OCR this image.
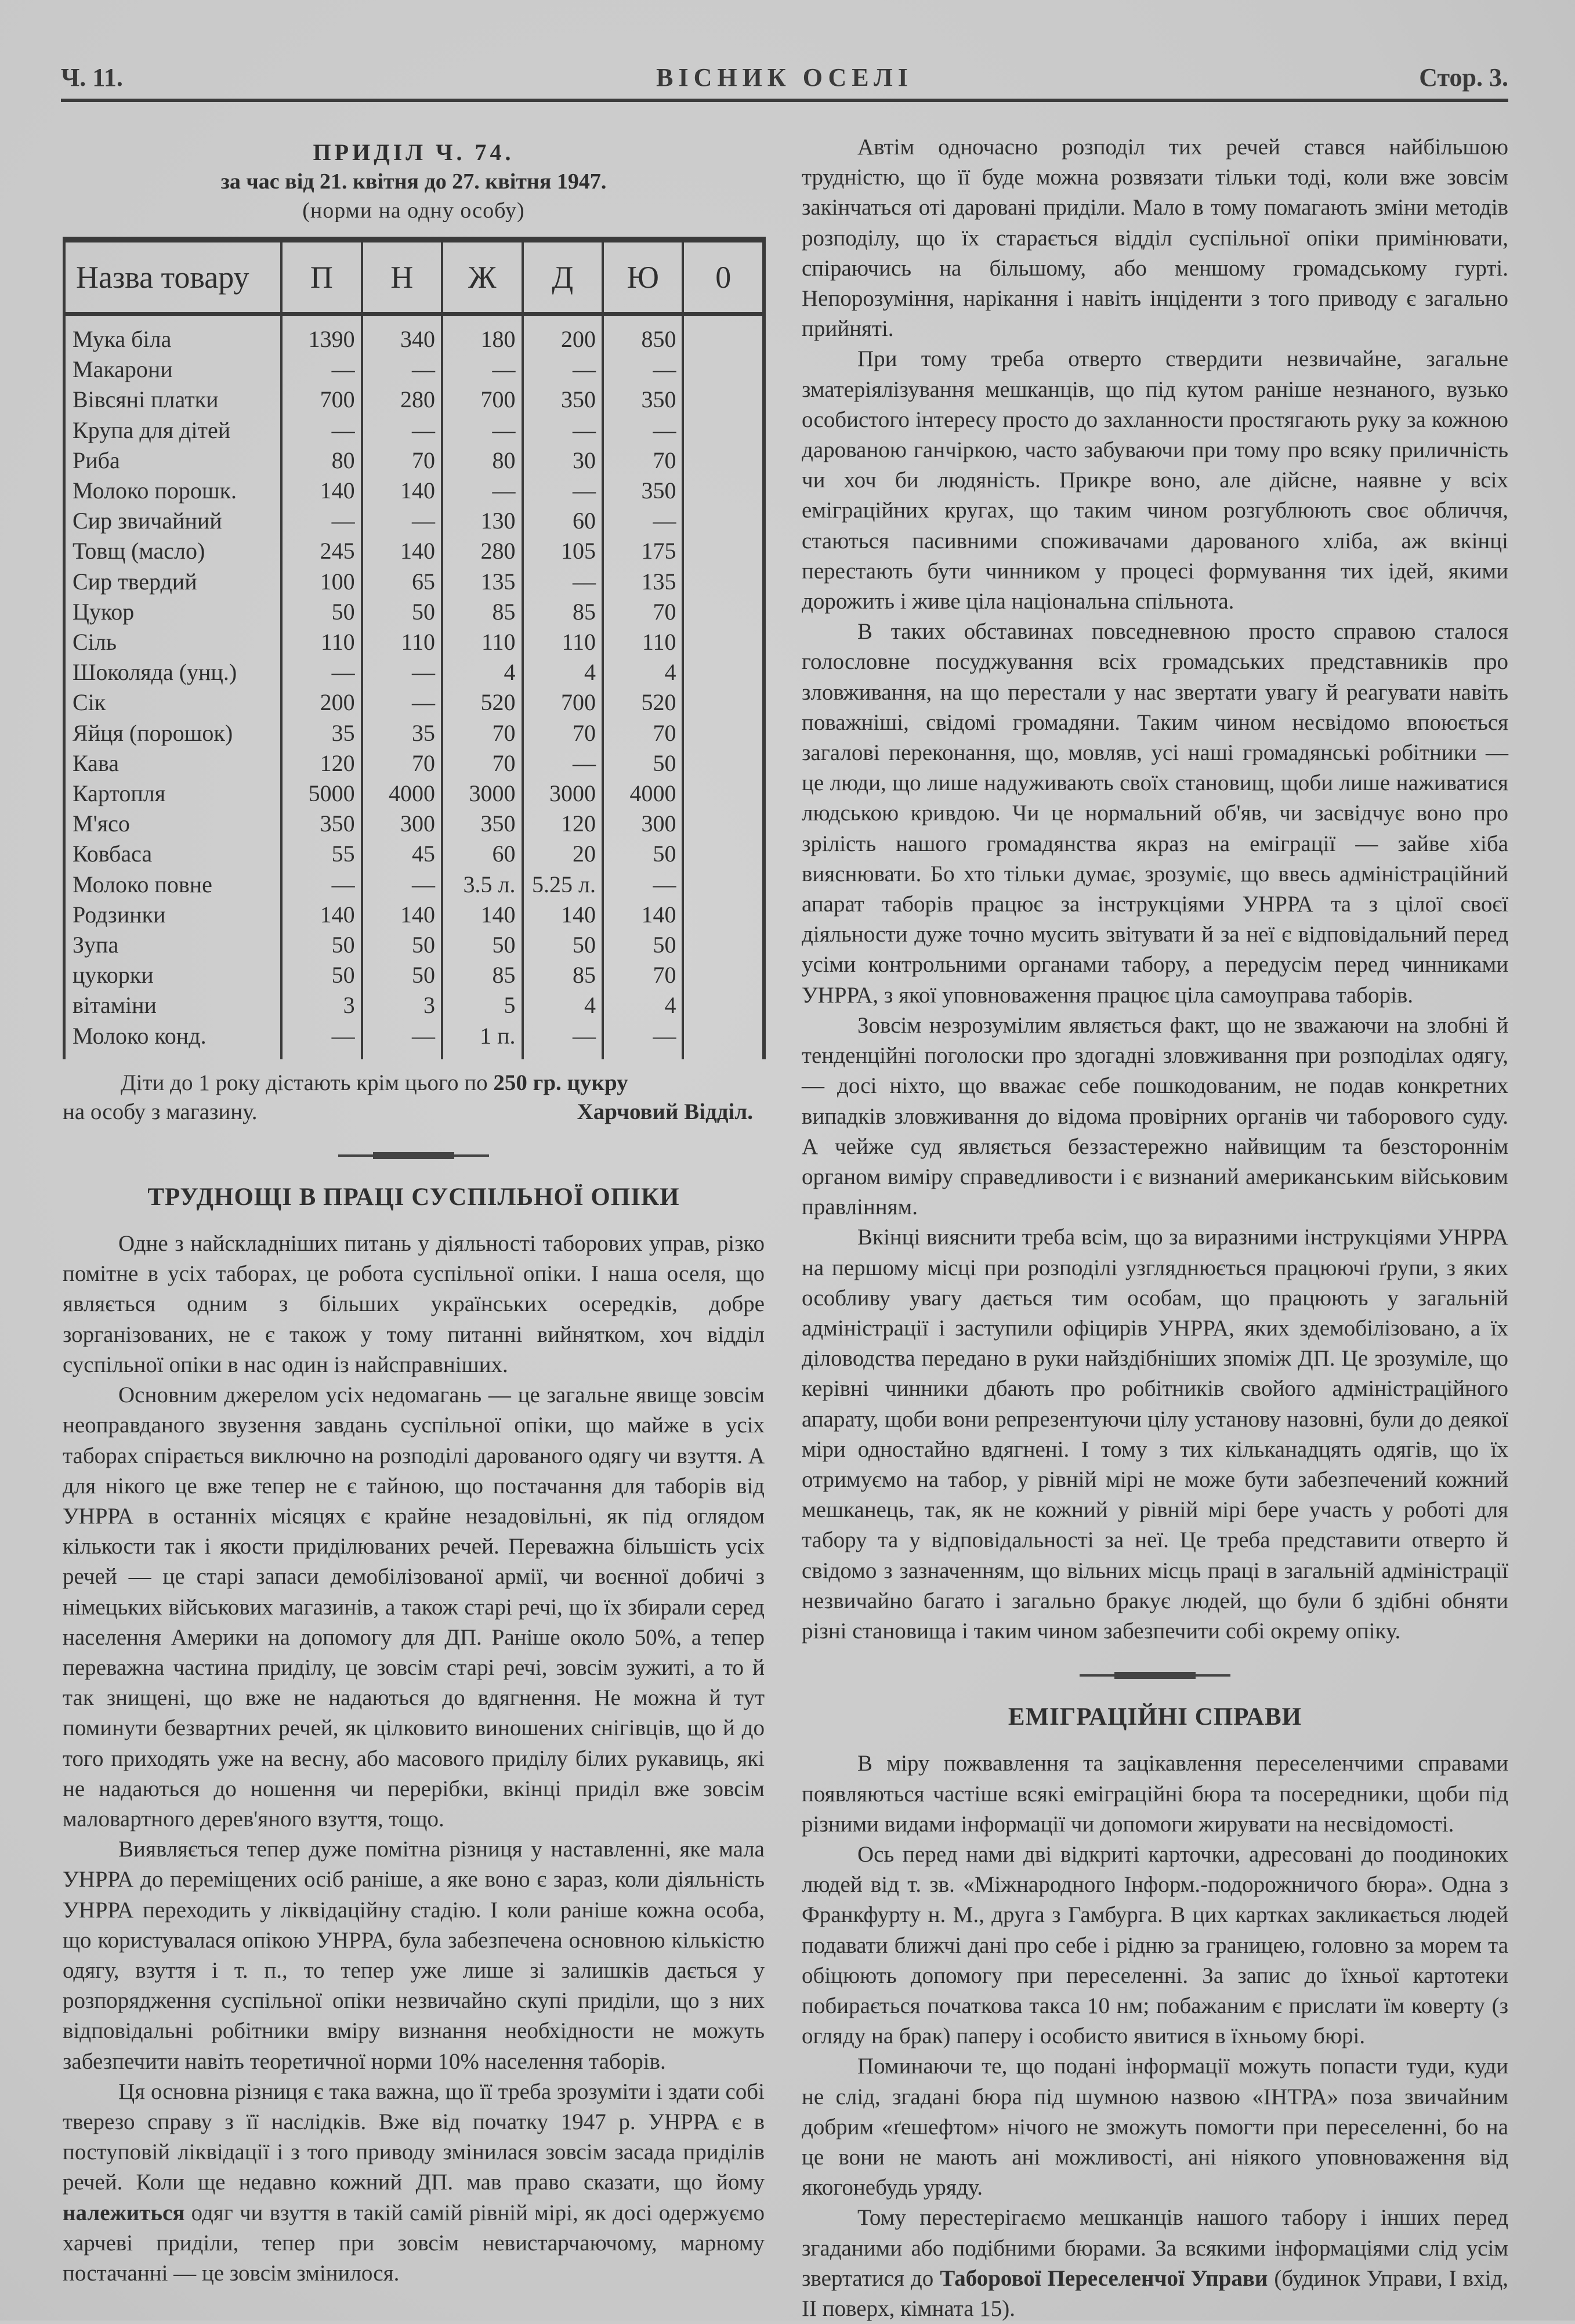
Ч. 11.	ВІСНИК ОСЕЛІ	Стор. 3.
ПРИДІЛ Ч. 74.
за час від 21. квітня до 27. квітня 1947.
(норми на одну особу)
Назва товару	П	Н	Ж	Д	Ю	0
Мука біла	1390	340	180	200	850	
Макарони	—	—	—	—	—	
Вівсяні платки	700	280	700	350	350	
Крупа для дітей	—	—	—	—	—	
Риба	80	70	80	30	70	
Молоко порошк.	140	140	—	—	350	
Сир звичайний	—	—	130	60	—	
Товщ (масло)	245	140	280	105	175	
Сир твердий	100	65	135	—	135	
Цукор	50	50	85	85	70	
Сіль	110	110	110	110	110	
Шоколяда (унц.)	—	—	4	4	4	
Сік	200	—	520	700	520	
Яйця (порошок)	35	35	70	70	70	
Кава	120	70	70	—	50	
Картопля	5000	4000	3000	3000	4000	
М'ясо	350	300	350	120	300	
Ковбаса	55	45	60	20	50	
Молоко повне	—	—	3.5 л.	5.25 л.	—	
Родзинки	140	140	140	140	140	
Зупа	50	50	50	50	50	
цукорки	50	50	85	85	70	
вітаміни	3	3	5	4	4	
Молоко конд.	—	—	1 п.	—	—	
Діти до 1 року дістають крім цього по 250 гр. цукру
на особу з магазину.	Харчовий Відділ.
ТРУДНОЩІ В ПРАЦІ СУСПІЛЬНОЇ ОПІКИ

Одне з найскладніших питань у діяльності таборових управ, різко помітне в усіх таборах, це робота суспільної опіки. І наша оселя, що являється одним з більших українських осередків, добре зорганізованих, не є також у тому питанні вийнятком, хоч відділ суспільної опіки в нас один із найсправніших.

Основним джерелом усіх недомагань — це загальне явище зовсім неоправданого звузення завдань суспільної опіки, що майже в усіх таборах спірається виключно на розподілі дарованого одягу чи взуття. А для нікого це вже тепер не є тайною, що постачання для таборів від УНРРА в останніх місяцях є крайне незадовільні, як під оглядом кількости так і якости приділюваних речей. Переважна більшість усіх речей — це старі запаси демобілізованої армії, чи воєнної добичі з німецьких військових магазинів, а також старі речі, що їх збирали серед населення Америки на допомогу для ДП. Раніше около 50%, а тепер переважна частина приділу, це зовсім старі речі, зовсім зужиті, а то й так знищені, що вже не надаються до вдягнення. Не можна й тут поминути безвартних речей, як цілковито виношених снігівців, що й до того приходять уже на весну, або масового приділу білих рукавиць, які не надаються до ношення чи перерібки, вкінці приділ вже зовсім маловартного дерев'яного взуття, тощо.

Виявляється тепер дуже помітна різниця у наставленні, яке мала УНРРА до переміщених осіб раніше, а яке воно є зараз, коли діяльність УНРРА переходить у ліквідаційну стадію. І коли раніше кожна особа, що користувалася опікою УНРРА, була забезпечена основною кількістю одягу, взуття і т. п., то тепер уже лише зі залишків дається у розпорядження суспільної опіки незвичайно скупі приділи, що з них відповідальні робітники вміру визнання необхідности не можуть забезпечити навіть теоретичної норми 10% населення таборів.

Ця основна різниця є така важна, що її треба зрозуміти і здати собі тверезо справу з її наслідків. Вже від початку 1947 р. УНРРА є в поступовій ліквідації і з того приводу змінилася зовсім засада приділів речей. Коли ще недавно кожний ДП. мав право сказати, що йому належиться одяг чи взуття в такій самій рівній мірі, як досі одержуємо харчеві приділи, тепер при зовсім невистарчаючому, марному постачанні — це зовсім змінилося.

Автім одночасно розподіл тих речей стався найбільшою трудністю, що її буде можна розвязати тільки тоді, коли вже зовсім закінчаться оті даровані приділи. Мало в тому помагають зміни методів розподілу, що їх старається відділ суспільної опіки примінювати, спіраючись на більшому, або меншому громадському гурті. Непорозуміння, нарікання і навіть інціденти з того приводу є загально прийняті.

При тому треба отверто ствердити незвичайне, загальне зматеріялізування мешканців, що під кутом раніше незнаного, вузько особистого інтересу просто до захланности простягають руку за кожною дарованою ганчіркою, часто забуваючи при тому про всяку приличність чи хоч би людяність. Прикре воно, але дійсне, наявне у всіх еміграційних кругах, що таким чином розгублюють своє обличчя, стаються пасивними споживачами дарованого хліба, аж вкінці перестають бути чинником у процесі формування тих ідей, якими дорожить і живе ціла національна спільнота.

В таких обставинах повседневною просто справою сталося голословне посуджування всіх громадських представників про зловживання, на що перестали у нас звертати увагу й реагувати навіть поважніші, свідомі громадяни. Таким чином несвідомо впоюється загалові переконання, що, мовляв, усі наші громадянські робітники — це люди, що лише надуживають своїх становищ, щоби лише наживатися людською кривдою. Чи це нормальний об'яв, чи засвідчує воно про зрілість нашого громадянства якраз на еміграції — зайве хіба вияснювати. Бо хто тільки думає, зрозуміє, що ввесь адміністраційний апарат таборів працює за інструкціями УНРРА та з цілої своєї діяльности дуже точно мусить звітувати й за неї є відповідальний перед усіми контрольними органами табору, а передусім перед чинниками УНРРА, з якої уповноваження працює ціла самоуправа таборів.

Зовсім незрозумілим являється факт, що не зважаючи на злобні й тенденційні поголоски про здогадні зловживання при розподілах одягу, — досі ніхто, що вважає себе пошкодованим, не подав конкретних випадків зловживання до відома провірних органів чи таборового суду. А чейже суд являється беззастережно найвищим та безстороннім органом виміру справедливости і є визнаний американським військовим правлінням.

Вкінці вияснити треба всім, що за виразними інструкціями УНРРА на першому місці при розподілі узгляднюється працюючі ґрупи, з яких особливу увагу дається тим особам, що працюють у загальній адміністрації і заступили офіцирів УНРРА, яких здемобілізовано, а їх діловодства передано в руки найздібніших зпоміж ДП. Це зрозуміле, що керівні чинники дбають про робітників свойого адміністраційного апарату, щоби вони репрезентуючи цілу установу назовні, були до деякої міри одностайно вдягнені. І тому з тих кільканадцять одягів, що їх отримуємо на табор, у рівній мірі не може бути забезпечений кожний мешканець, так, як не кожний у рівній мірі бере участь у роботі для табору та у відповідальності за неї. Це треба представити отверто й свідомо з зазначенням, що вільних місць праці в загальній адміністрації незвичайно багато і загально бракує людей, що були б здібні обняти різні становища і таким чином забезпечити собі окрему опіку.

ЕМІГРАЦІЙНІ СПРАВИ

В міру пожвавлення та зацікавлення переселенчими справами появляються частіше всякі еміграційні бюра та посередники, щоби під різними видами інформації чи допомоги жирувати на несвідомості.

Ось перед нами дві відкриті карточки, адресовані до поодиноких людей від т. зв. «Міжнародного Інформ.-подорожничого бюра». Одна з Франкфурту н. М., друга з Гамбурга. В цих картках закликається людей подавати ближчі дані про себе і рідню за границею, головно за морем та обіцюють допомогу при переселенні. За запис до їхньої картотеки побирається початкова такса 10 нм; побажаним є прислати їм коверту (з огляду на брак) паперу і особисто явитися в їхньому бюрі.

Поминаючи те, що подані інформації можуть попасти туди, куди не слід, згадані бюра під шумною назвою «ІНТРА» поза звичайним добрим «ґешефтом» нічого не зможуть помогти при переселенні, бо на це вони не мають ані можливості, ані ніякого уповноваження від якогонебудь уряду.

Тому перестерігаємо мешканців нашого табору і інших перед згаданими або подібними бюрами. За всякими інформаціями слід усім звертатися до Таборової Переселенчої Управи (будинок Управи, І вхід, ІІ поверх, кімната 15).
